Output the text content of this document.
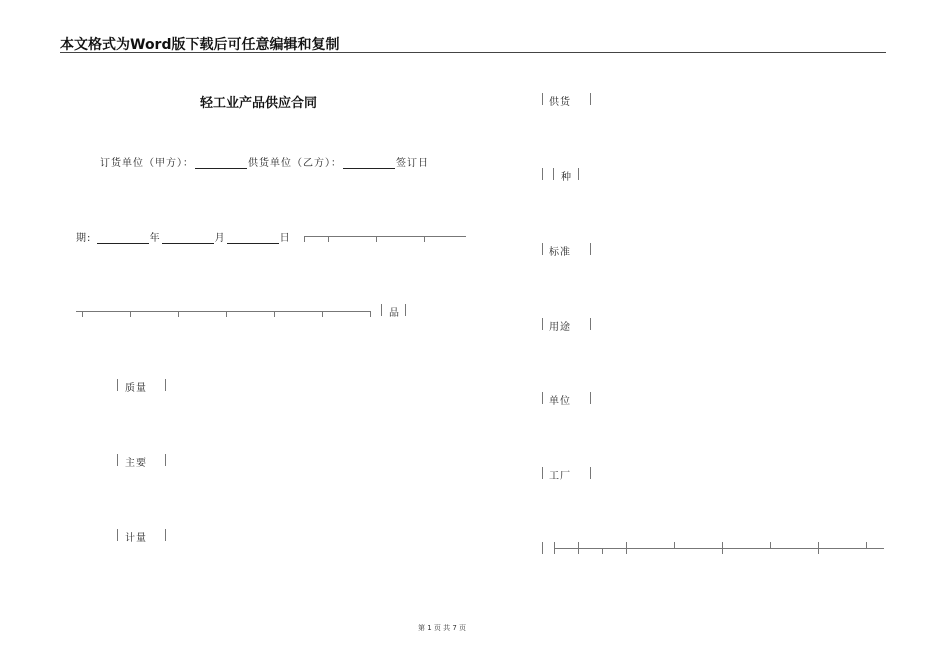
本文格式为Word版下载后可任意编辑和复制
轻工业产品供应合同
订货单位（甲方）：	供货单位（乙方）：	签订日
期:	年	月	日
品
质量
主要
计量
供货
种
标准
用途
单位
工厂
第 1 页 共 7 页
